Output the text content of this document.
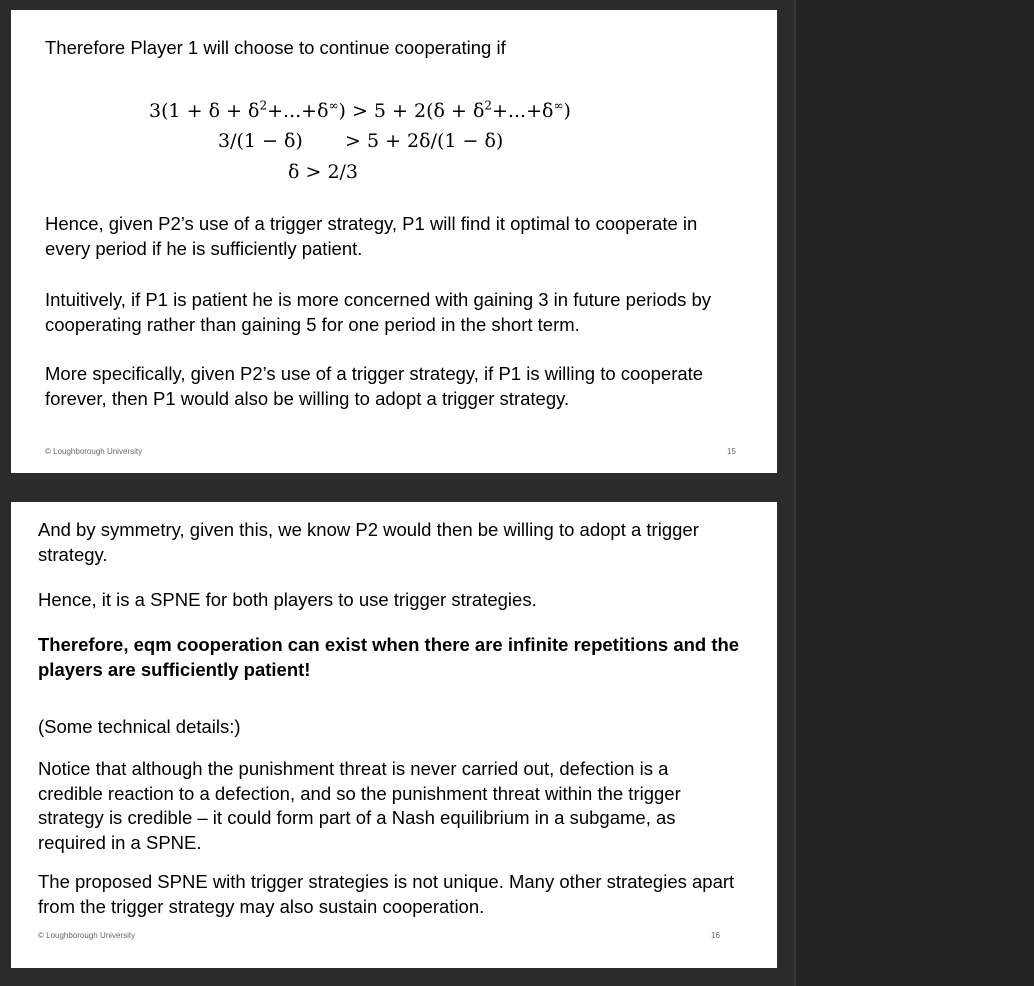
Therefore Player 1 will choose to continue cooperating if

$3(1 + \delta + \delta^2+...+\delta^\infty) > 5 + 2(\delta + \delta^2+...+\delta^\infty)$
3/(1 − δ) > 5 + 2δ/(1 − δ)
δ > 2/3

Hence, given P2’s use of a trigger strategy, P1 will find it optimal to cooperate in every period if he is sufficiently patient.

Intuitively, if P1 is patient he is more concerned with gaining 3 in future periods by cooperating rather than gaining 5 for one period in the short term.

More specifically, given P2’s use of a trigger strategy, if P1 is willing to cooperate forever, then P1 would also be willing to adopt a trigger strategy.

© Loughborough University	15

And by symmetry, given this, we know P2 would then be willing to adopt a trigger strategy.

Hence, it is a SPNE for both players to use trigger strategies.

Therefore, eqm cooperation can exist when there are infinite repetitions and the players are sufficiently patient!

(Some technical details:)

Notice that although the punishment threat is never carried out, defection is a credible reaction to a defection, and so the punishment threat within the trigger strategy is credible – it could form part of a Nash equilibrium in a subgame, as required in a SPNE.

The proposed SPNE with trigger strategies is not unique. Many other strategies apart from the trigger strategy may also sustain cooperation.

© Loughborough University	16
